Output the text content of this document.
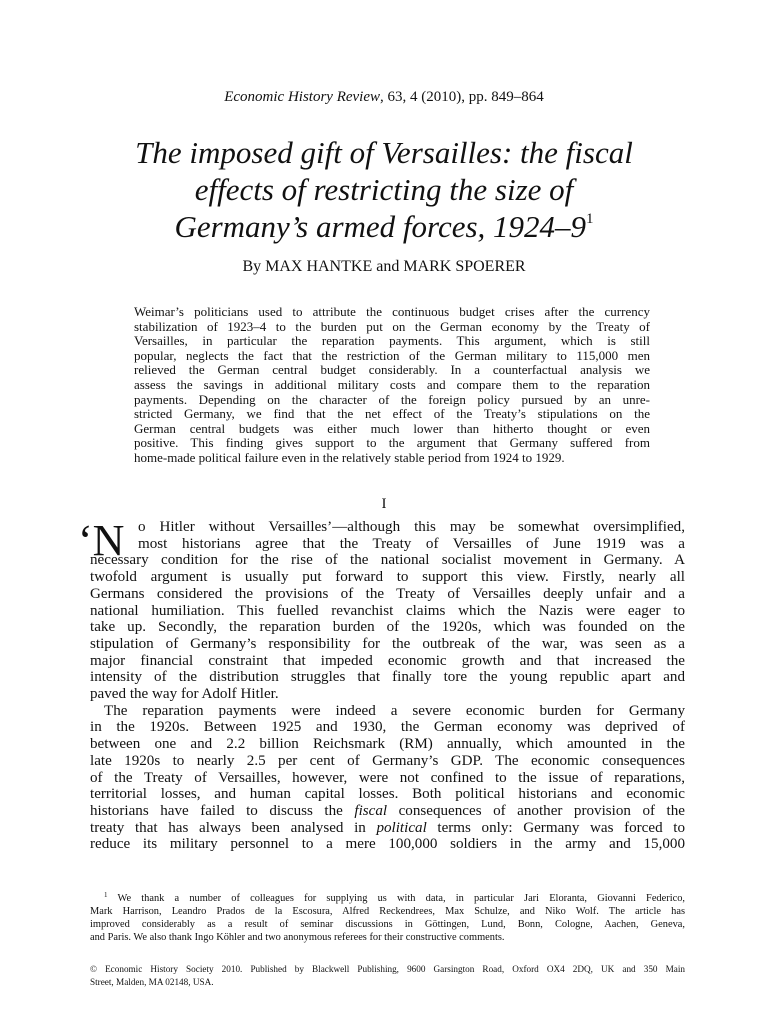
Economic History Review, 63, 4 (2010), pp. 849–864
The imposed gift of Versailles: the fiscal
effects of restricting the size of
Germany’s armed forces, $1924-9^1$
By MAX HANTKE and MARK SPOERER
Weimar’s politicians used to attribute the continuous budget crises after the currency
stabilization of 1923–4 to the burden put on the German economy by the Treaty of
Versailles, in particular the reparation payments. This argument, which is still
popular, neglects the fact that the restriction of the German military to 115,000 men
relieved the German central budget considerably. In a counterfactual analysis we
assess the savings in additional military costs and compare them to the reparation
payments. Depending on the character of the foreign policy pursued by an unre-
stricted Germany, we find that the net effect of the Treaty’s stipulations on the
German central budgets was either much lower than hitherto thought or even
positive. This finding gives support to the argument that Germany suffered from
home-made political failure even in the relatively stable period from 1924 to 1929.
I
‘N o Hitler without Versailles’—although this may be somewhat oversimplified,
most historians agree that the Treaty of Versailles of June 1919 was a
necessary condition for the rise of the national socialist movement in Germany. A
twofold argument is usually put forward to support this view. Firstly, nearly all
Germans considered the provisions of the Treaty of Versailles deeply unfair and a
national humiliation. This fuelled revanchist claims which the Nazis were eager to
take up. Secondly, the reparation burden of the 1920s, which was founded on the
stipulation of Germany’s responsibility for the outbreak of the war, was seen as a
major financial constraint that impeded economic growth and that increased the
intensity of the distribution struggles that finally tore the young republic apart and
paved the way for Adolf Hitler.
The reparation payments were indeed a severe economic burden for Germany
in the 1920s. Between 1925 and 1930, the German economy was deprived of
between one and 2.2 billion Reichsmark (RM) annually, which amounted in the
late 1920s to nearly 2.5 per cent of Germany’s GDP. The economic consequences
of the Treaty of Versailles, however, were not confined to the issue of reparations,
territorial losses, and human capital losses. Both political historians and economic
historians have failed to discuss the fiscal consequences of another provision of the
treaty that has always been analysed in political terms only: Germany was forced to
reduce its military personnel to a mere 100,000 soldiers in the army and 15,000
$^1$ We thank a number of colleagues for supplying us with data, in particular Jari Eloranta, Giovanni Federico,
Mark Harrison, Leandro Prados de la Escosura, Alfred Reckendrees, Max Schulze, and Niko Wolf. The article has
improved considerably as a result of seminar discussions in Göttingen, Lund, Bonn, Cologne, Aachen, Geneva,
and Paris. We also thank Ingo Köhler and two anonymous referees for their constructive comments.
© Economic History Society 2010. Published by Blackwell Publishing, 9600 Garsington Road, Oxford OX4 2DQ, UK and 350 Main
Street, Malden, MA 02148, USA.
